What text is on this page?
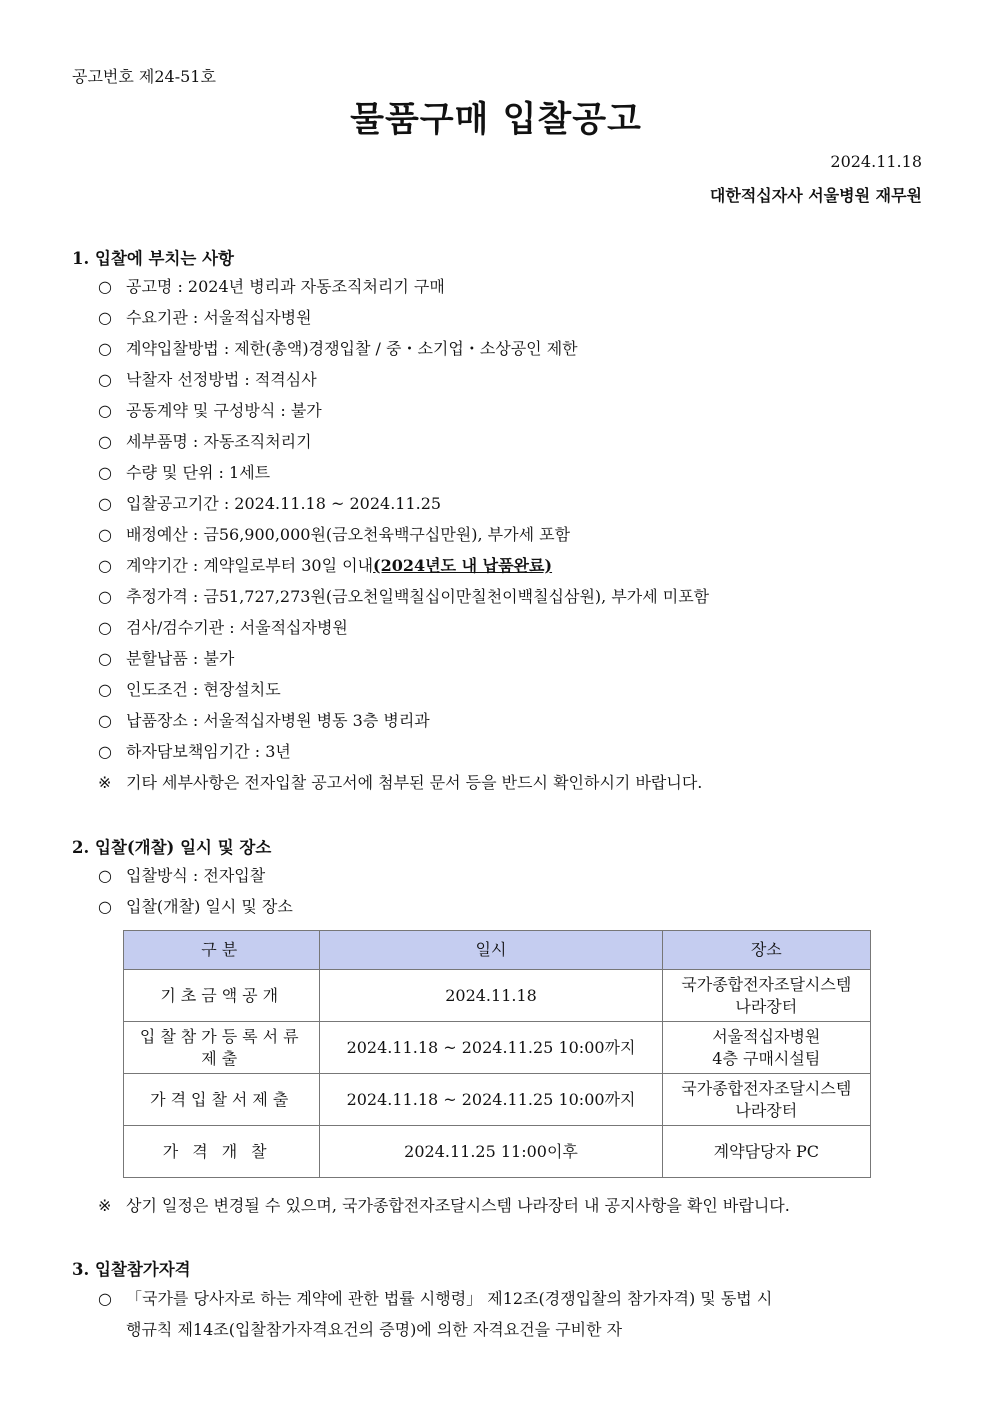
공고번호 제24-51호
물품구매 입찰공고
2024.11.18
대한적십자사 서울병원 재무원
1. 입찰에 부치는 사항
○ 공고명 : 2024년 병리과 자동조직처리기 구매
○ 수요기관 : 서울적십자병원
○ 계약입찰방법 : 제한(총액)경쟁입찰 / 중・소기업・소상공인 제한
○ 낙찰자 선정방법 : 적격심사
○ 공동계약 및 구성방식 : 불가
○ 세부품명 : 자동조직처리기
○ 수량 및 단위 : 1세트
○ 입찰공고기간 : 2024.11.18 ~ 2024.11.25
○ 배정예산 : 금56,900,000원(금오천육백구십만원), 부가세 포함
○ 계약기간 : 계약일로부터 30일 이내(2024년도 내 납품완료)
○ 추정가격 : 금51,727,273원(금오천일백칠십이만칠천이백칠십삼원), 부가세 미포함
○ 검사/검수기관 : 서울적십자병원
○ 분할납품 : 불가
○ 인도조건 : 현장설치도
○ 납품장소 : 서울적십자병원 병동 3층 병리과
○ 하자담보책임기간 : 3년
※ 기타 세부사항은 전자입찰 공고서에 첨부된 문서 등을 반드시 확인하시기 바랍니다.
2. 입찰(개찰) 일시 및 장소
○ 입찰방식 : 전자입찰
○ 입찰(개찰) 일시 및 장소
구분	일시	장소
기초금액공개	2024.11.18	국가종합전자조달시스템
나라장터
입찰참가등록서류 제출	2024.11.18 ~ 2024.11.25 10:00까지	서울적십자병원
4층 구매시설팀
가격입찰서제출	2024.11.18 ~ 2024.11.25 10:00까지	국가종합전자조달시스템
나라장터
가격개찰	2024.11.25 11:00이후	계약담당자 PC
※ 상기 일정은 변경될 수 있으며, 국가종합전자조달시스템 나라장터 내 공지사항을 확인 바랍니다.
3. 입찰참가자격
○ 「국가를 당사자로 하는 계약에 관한 법률 시행령」 제12조(경쟁입찰의 참가자격) 및 동법 시
행규칙 제14조(입찰참가자격요건의 증명)에 의한 자격요건을 구비한 자
